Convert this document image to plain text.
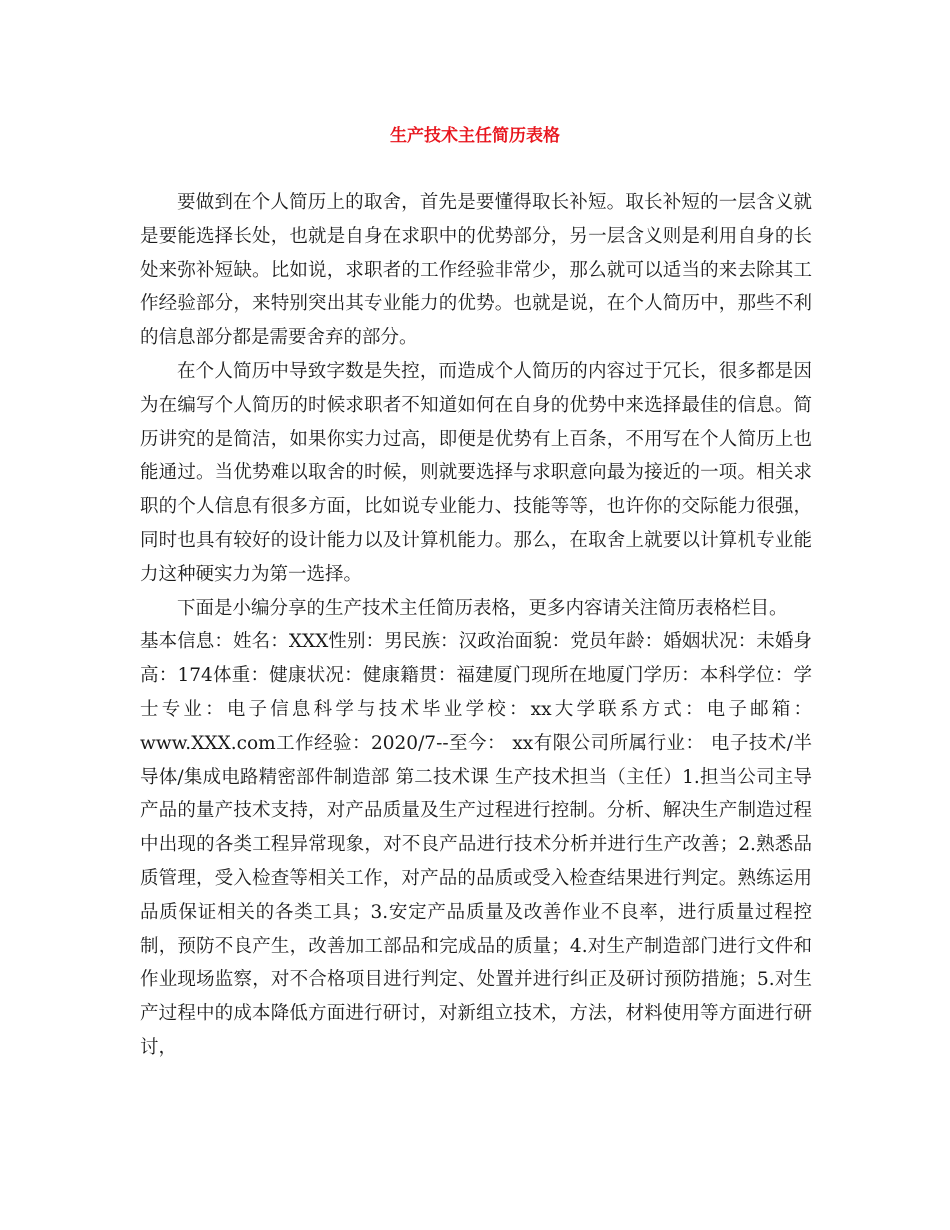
生产技术主任简历表格

要做到在个人简历上的取舍，首先是要懂得取长补短。取长补短的一层含义就是要能选择长处，也就是自身在求职中的优势部分，另一层含义则是利用自身的长处来弥补短缺。比如说，求职者的工作经验非常少，那么就可以适当的来去除其工作经验部分，来特别突出其专业能力的优势。也就是说，在个人简历中，那些不利的信息部分都是需要舍弃的部分。

在个人简历中导致字数是失控，而造成个人简历的内容过于冗长，很多都是因为在编写个人简历的时候求职者不知道如何在自身的优势中来选择最佳的信息。简历讲究的是简洁，如果你实力过高，即便是优势有上百条，不用写在个人简历上也能通过。当优势难以取舍的时候，则就要选择与求职意向最为接近的一项。相关求职的个人信息有很多方面，比如说专业能力、技能等等，也许你的交际能力很强，同时也具有较好的设计能力以及计算机能力。那么，在取舍上就要以计算机专业能力这种硬实力为第一选择。

下面是小编分享的生产技术主任简历表格，更多内容请关注简历表格栏目。

基本信息：姓名：XXX性别：男民族：汉政治面貌：党员年龄：婚姻状况：未婚身高：174体重：健康状况：健康籍贯：福建厦门现所在地厦门学历：本科学位：学士专业：电子信息科学与技术毕业学校：xx大学联系方式：电子邮箱：www.XXX.com工作经验：2020/7--至今： xx有限公司所属行业： 电子技术/半导体/集成电路精密部件制造部 第二技术课 生产技术担当（主任）1.担当公司主导产品的量产技术支持，对产品质量及生产过程进行控制。分析、解决生产制造过程中出现的各类工程异常现象，对不良产品进行技术分析并进行生产改善；2.熟悉品质管理，受入检查等相关工作，对产品的品质或受入检查结果进行判定。熟练运用品质保证相关的各类工具；3.安定产品质量及改善作业不良率，进行质量过程控制，预防不良产生，改善加工部品和完成品的质量；4.对生产制造部门进行文件和作业现场监察，对不合格项目进行判定、处置并进行纠正及研讨预防措施；5.对生产过程中的成本降低方面进行研讨，对新组立技术，方法，材料使用等方面进行研讨，
